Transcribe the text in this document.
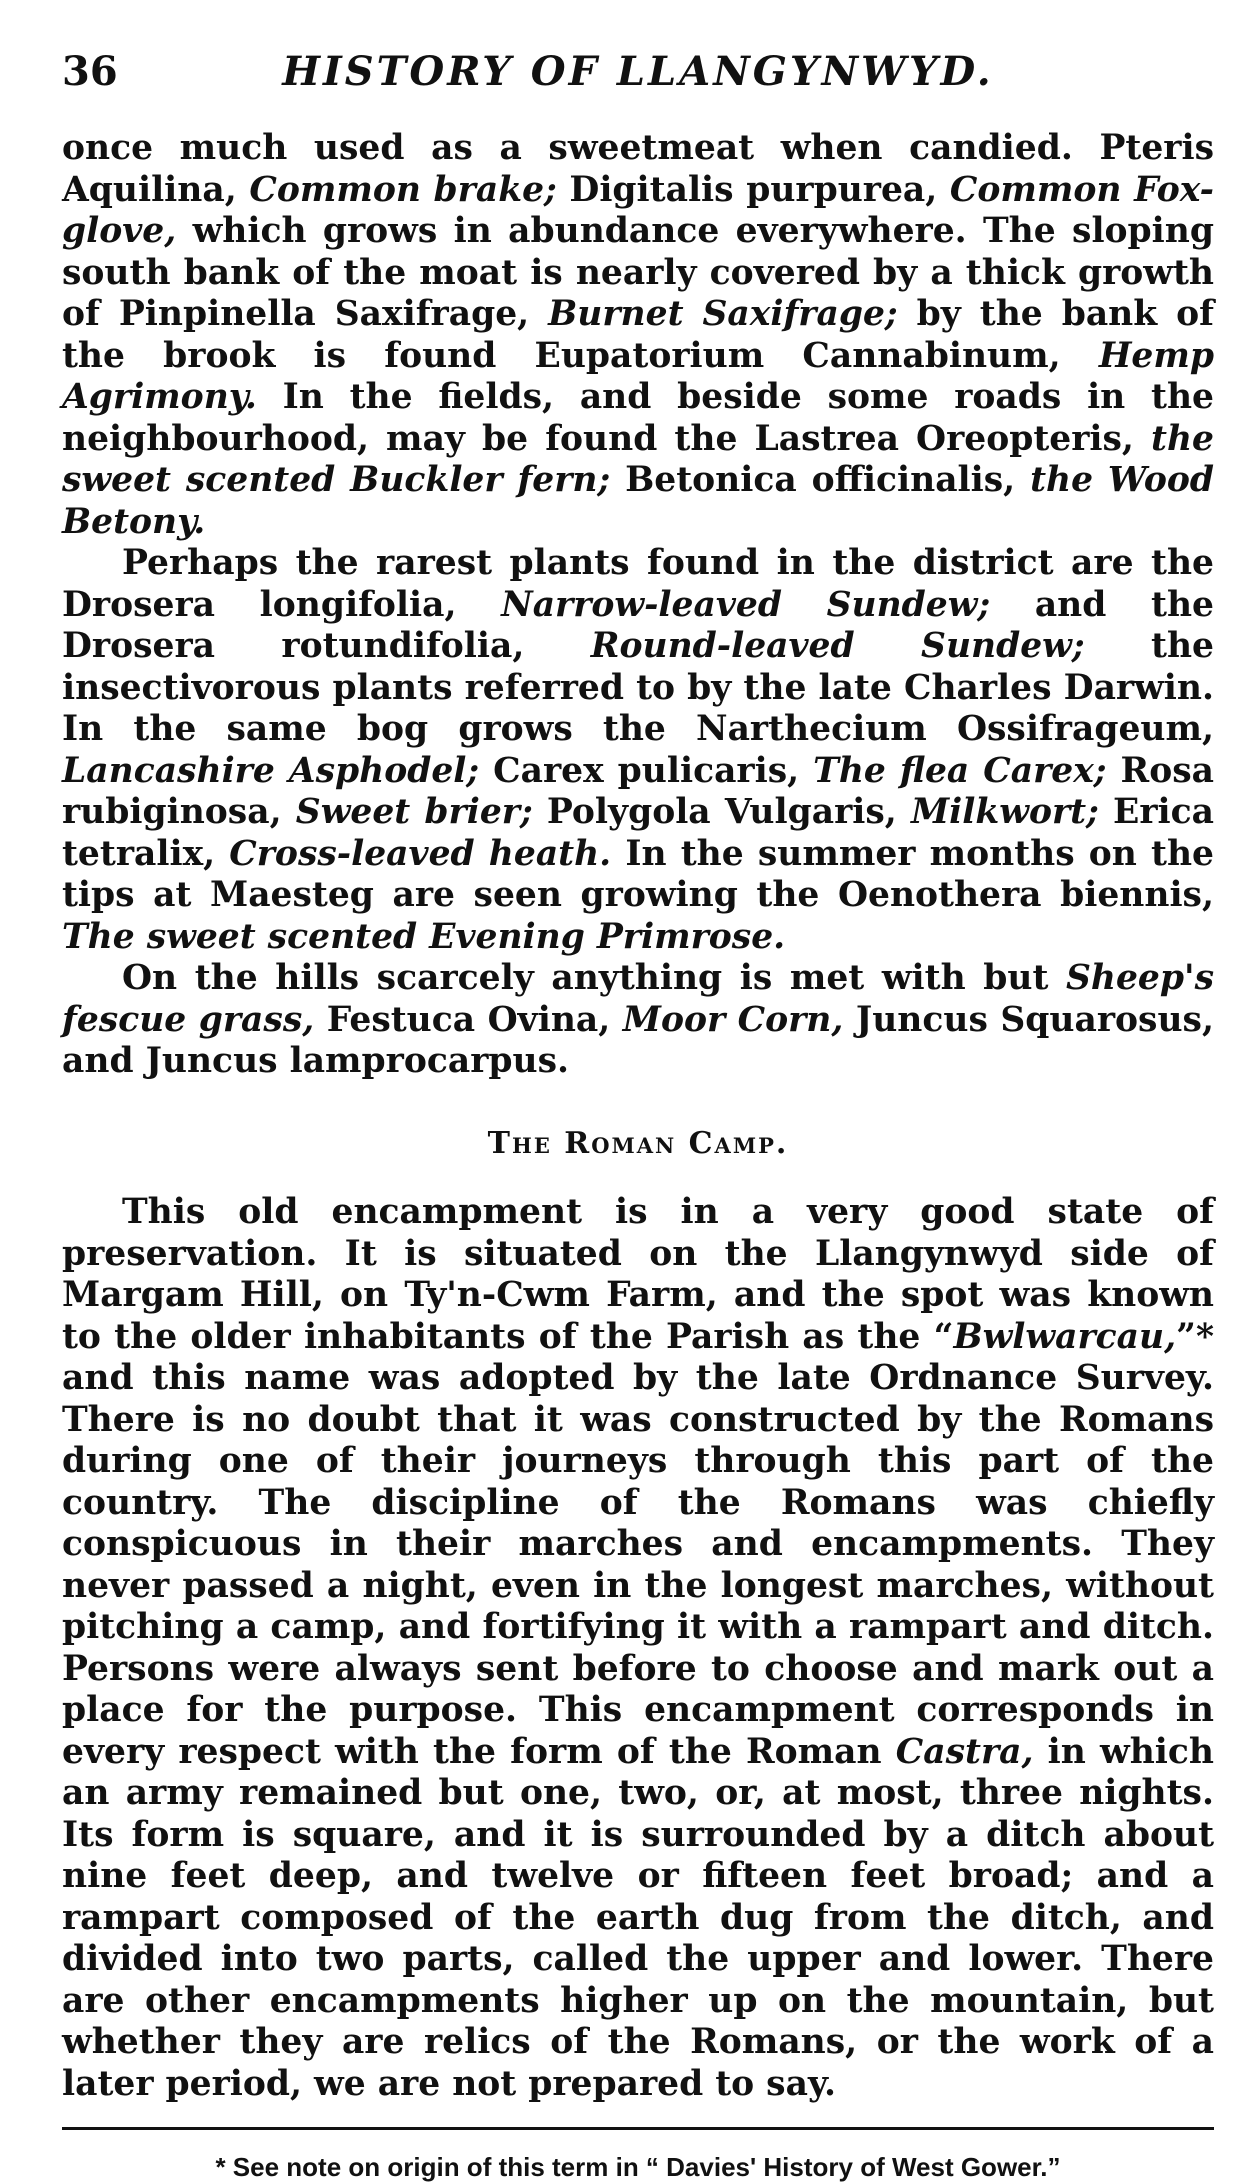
36	HISTORY OF LLANGYNWYD.

once much used as a sweetmeat when candied. Pteris Aquilina, Common brake; Digitalis purpurea, Common Fox-glove, which grows in abundance everywhere. The sloping south bank of the moat is nearly covered by a thick growth of Pinpinella Saxifrage, Burnet Saxifrage; by the bank of the brook is found Eupatorium Cannabinum, Hemp Agrimony. In the fields, and beside some roads in the neighbourhood, may be found the Lastrea Oreopteris, the sweet scented Buckler fern; Betonica officinalis, the Wood Betony.

Perhaps the rarest plants found in the district are the Drosera longifolia, Narrow-leaved Sundew; and the Drosera rotundifolia, Round-leaved Sundew; the insectivorous plants referred to by the late Charles Darwin. In the same bog grows the Narthecium Ossifrageum, Lancashire Asphodel; Carex pulicaris, The flea Carex; Rosa rubiginosa, Sweet brier; Polygola Vulgaris, Milkwort; Erica tetralix, Cross-leaved heath. In the summer months on the tips at Maesteg are seen growing the Oenothera biennis, The sweet scented Evening Primrose.

On the hills scarcely anything is met with but Sheep's fescue grass, Festuca Ovina, Moor Corn, Juncus Squarosus, and Juncus lamprocarpus.

The Roman Camp.

This old encampment is in a very good state of preservation. It is situated on the Llangynwyd side of Margam Hill, on Ty'n-Cwm Farm, and the spot was known to the older inhabitants of the Parish as the “Bwlwarcau,”* and this name was adopted by the late Ordnance Survey. There is no doubt that it was constructed by the Romans during one of their journeys through this part of the country. The discipline of the Romans was chiefly conspicuous in their marches and encampments. They never passed a night, even in the longest marches, without pitching a camp, and fortifying it with a rampart and ditch. Persons were always sent before to choose and mark out a place for the purpose. This encampment corresponds in every respect with the form of the Roman Castra, in which an army remained but one, two, or, at most, three nights. Its form is square, and it is surrounded by a ditch about nine feet deep, and twelve or fifteen feet broad; and a rampart composed of the earth dug from the ditch, and divided into two parts, called the upper and lower. There are other encampments higher up on the mountain, but whether they are relics of the Romans, or the work of a later period, we are not prepared to say.

* See note on origin of this term in “ Davies' History of West Gower.”
